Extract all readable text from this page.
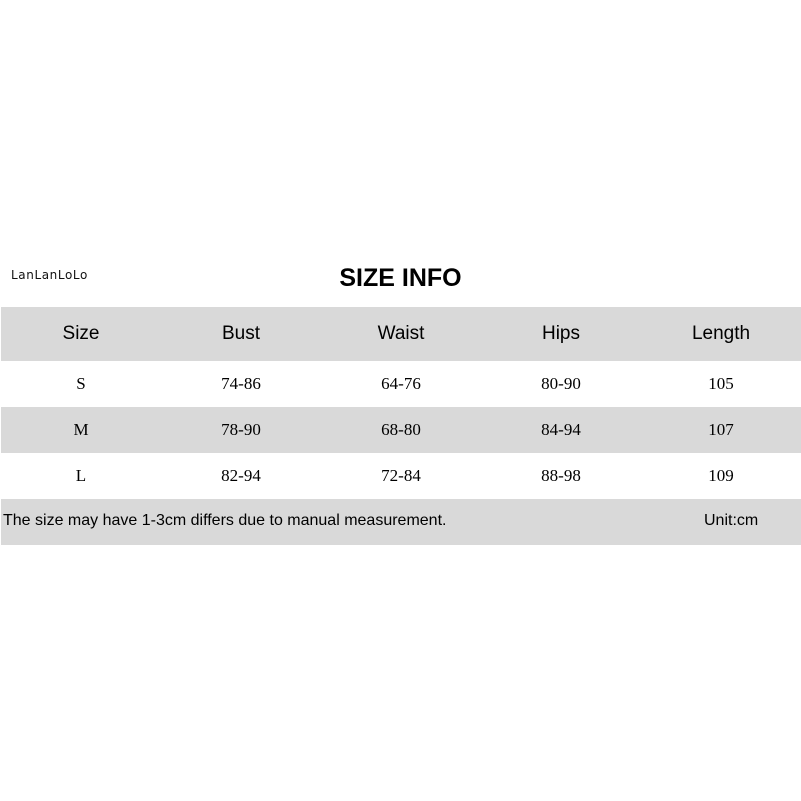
LanLanLoLo	SIZE INFO
Size	Bust	Waist	Hips	Length
S	74-86	64-76	80-90	105
M	78-90	68-80	84-94	107
L	82-94	72-84	88-98	109
The size may have 1-3cm differs due to manual measurement.	Unit:cm
